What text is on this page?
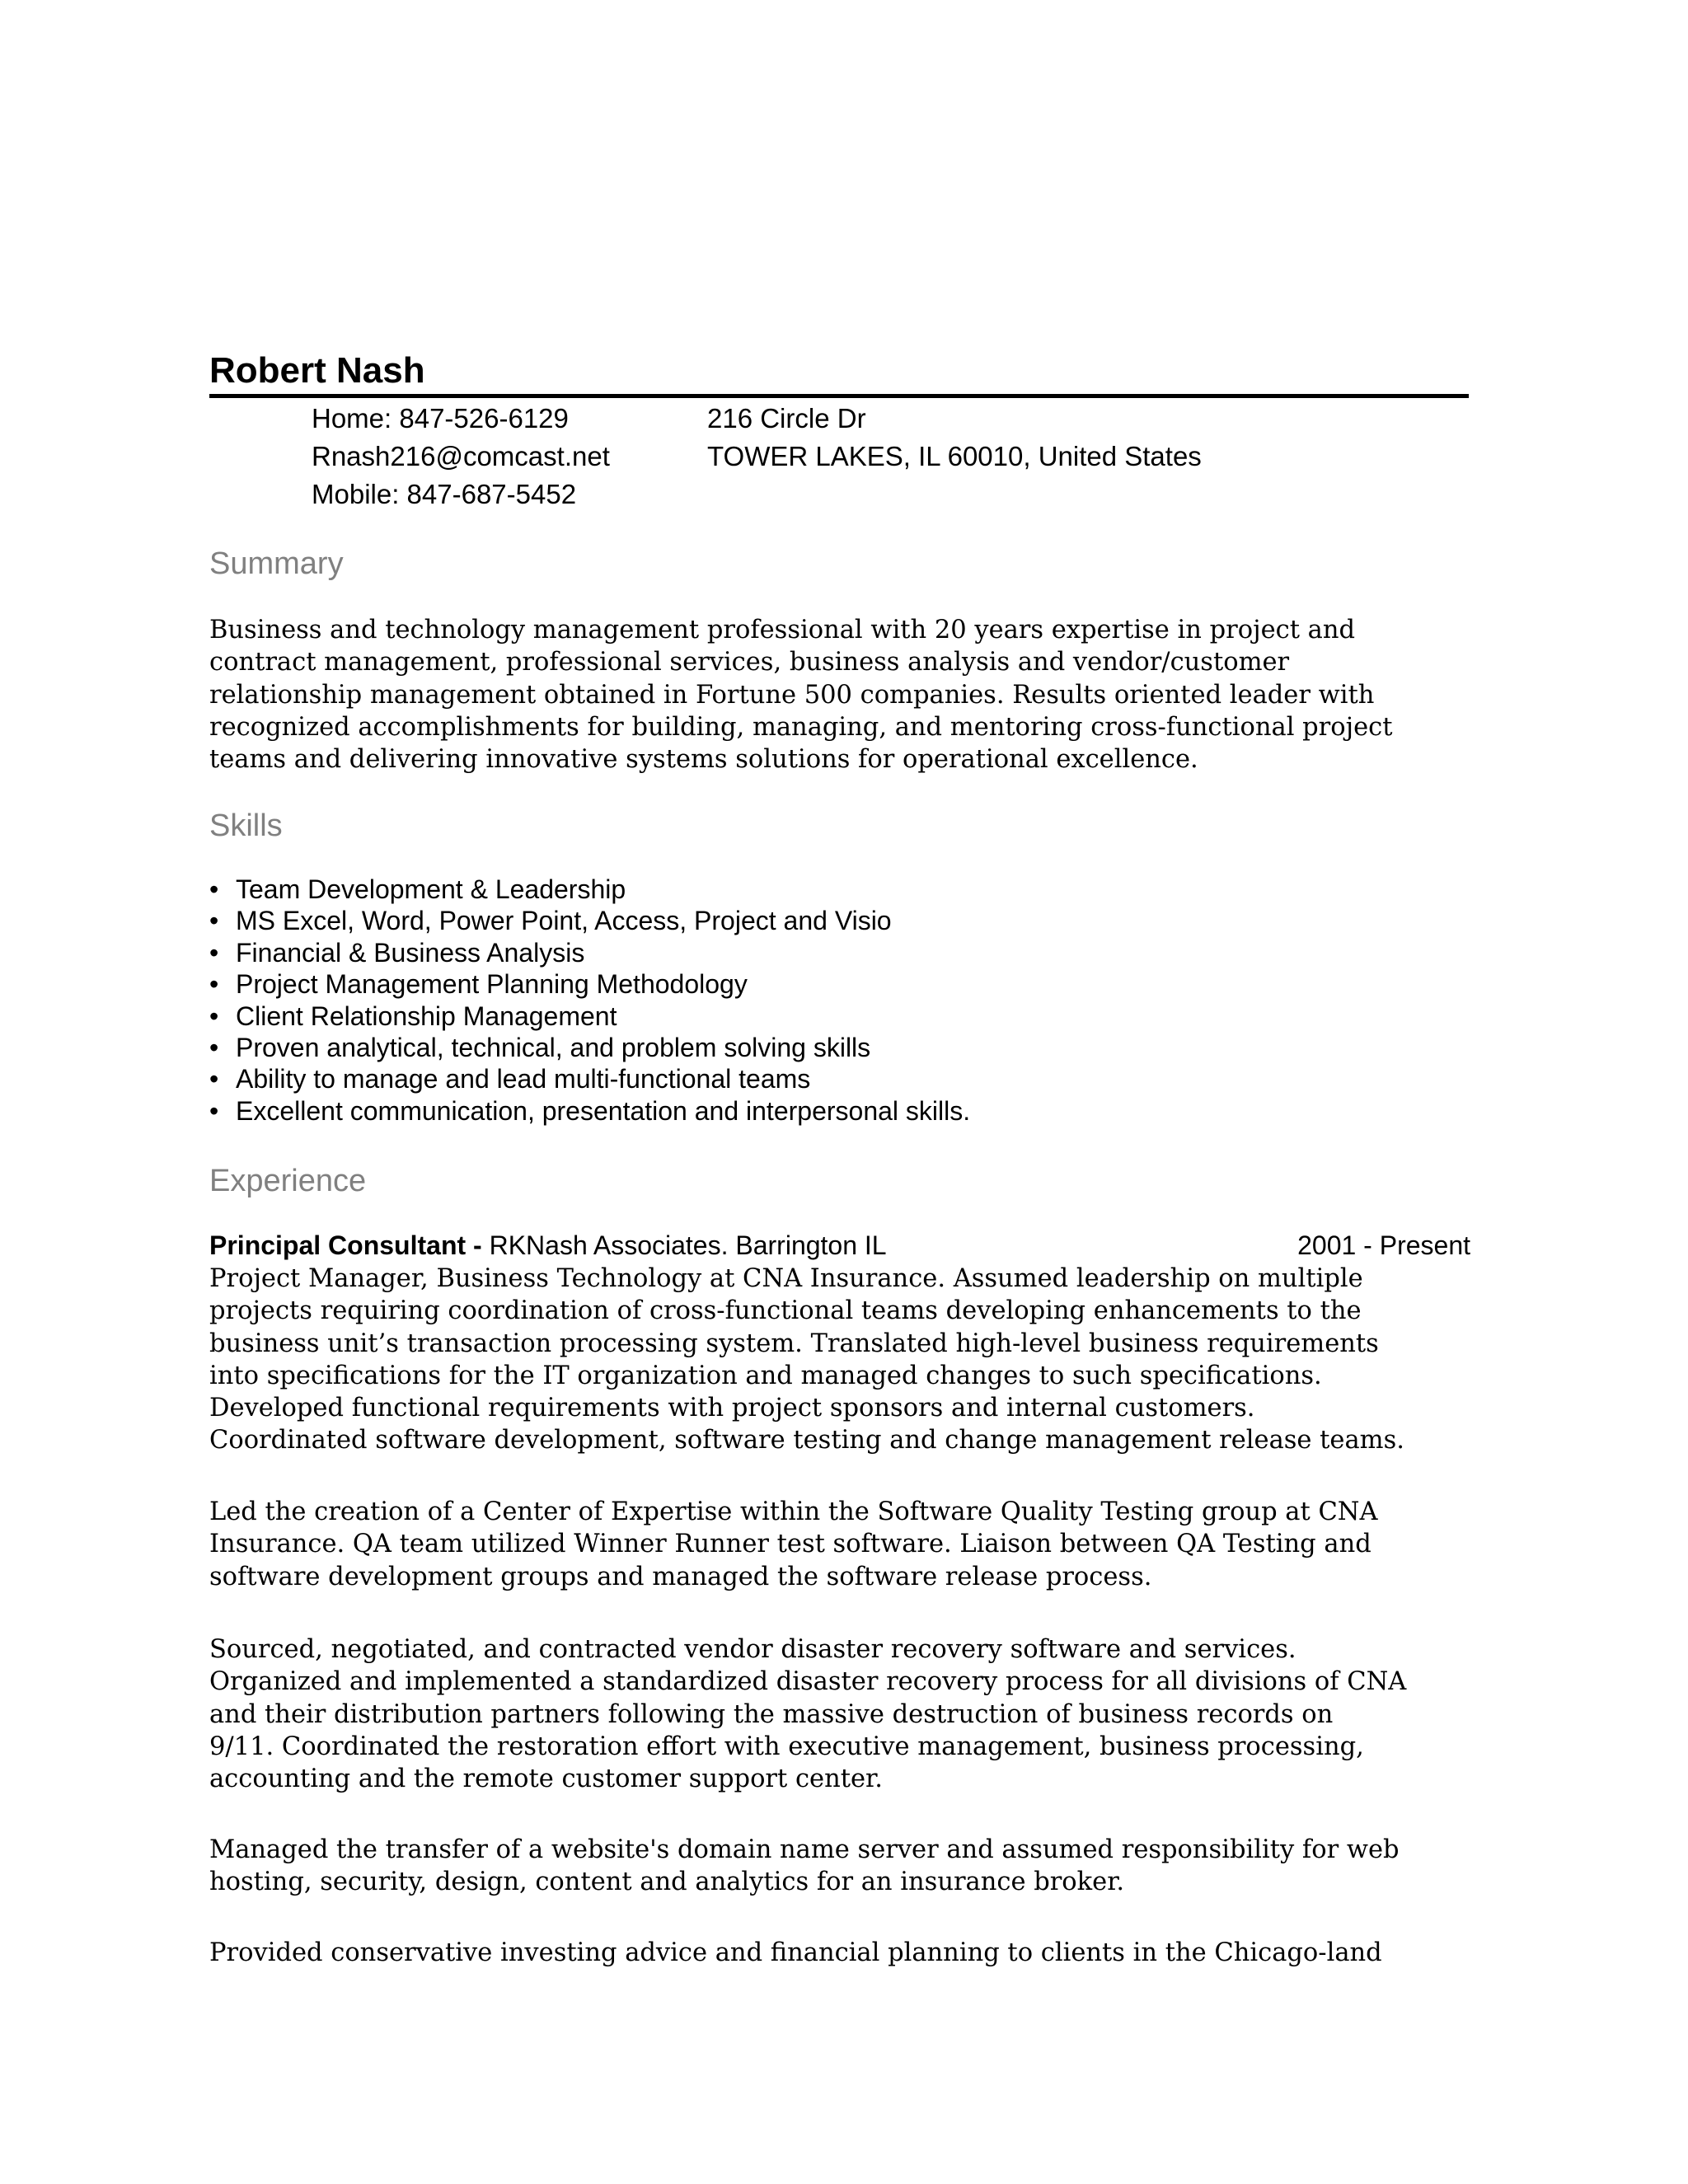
Robert Nash
Home: 847-526-6129
Rnash216@comcast.net
Mobile: 847-687-5452
216 Circle Dr
TOWER LAKES, IL 60010, United States
Summary
Business and technology management professional with 20 years expertise in project and
contract management, professional services, business analysis and vendor/customer
relationship management obtained in Fortune 500 companies. Results oriented leader with
recognized accomplishments for building, managing, and mentoring cross-functional project
teams and delivering innovative systems solutions for operational excellence.
Skills
• Team Development & Leadership
• MS Excel, Word, Power Point, Access, Project and Visio
• Financial & Business Analysis
• Project Management Planning Methodology
• Client Relationship Management
• Proven analytical, technical, and problem solving skills
• Ability to manage and lead multi-functional teams
• Excellent communication, presentation and interpersonal skills.
Experience
Principal Consultant - RKNash Associates. Barrington IL	2001 - Present
Project Manager, Business Technology at CNA Insurance. Assumed leadership on multiple
projects requiring coordination of cross-functional teams developing enhancements to the
business unit’s transaction processing system. Translated high-level business requirements
into specifications for the IT organization and managed changes to such specifications.
Developed functional requirements with project sponsors and internal customers.
Coordinated software development, software testing and change management release teams.
Led the creation of a Center of Expertise within the Software Quality Testing group at CNA
Insurance. QA team utilized Winner Runner test software. Liaison between QA Testing and
software development groups and managed the software release process.
Sourced, negotiated, and contracted vendor disaster recovery software and services.
Organized and implemented a standardized disaster recovery process for all divisions of CNA
and their distribution partners following the massive destruction of business records on
9/11. Coordinated the restoration effort with executive management, business processing,
accounting and the remote customer support center.
Managed the transfer of a website's domain name server and assumed responsibility for web
hosting, security, design, content and analytics for an insurance broker.
Provided conservative investing advice and financial planning to clients in the Chicago-land
